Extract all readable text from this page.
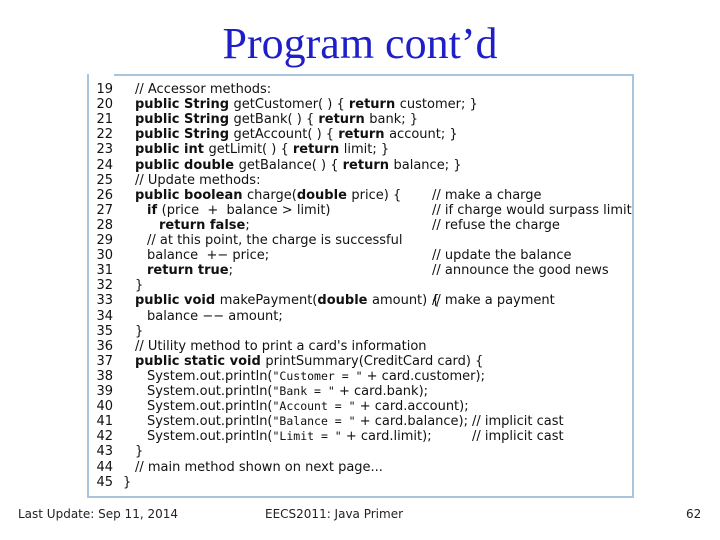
Program cont’d
19 // Accessor methods:
20 public String getCustomer( ) { return customer; }
21 public String getBank( ) { return bank; }
22 public String getAccount( ) { return account; }
23 public int getLimit( ) { return limit; }
24 public double getBalance( ) { return balance; }
25 // Update methods:
26 public boolean charge(double price) { // make a charge
27	if (price  +  balance > limit)	// if charge would surpass limit
28	return false;	// refuse the charge
29	// at this point, the charge is successful
30	balance  +− price;	// update the balance
31	return true;	// announce the good news
32 }
33 public void makePayment(double amount) {
// make a payment
34	balance −− amount;
35 }
36 // Utility method to print a card's information
37 public static void printSummary(CreditCard card) {
38	System.out.println("Customer = " + card.customer);
39	System.out.println("Bank = " + card.bank);
40	System.out.println("Account = " + card.account);
41	System.out.println("Balance = " + card.balance); // implicit cast
42	System.out.println("Limit = " + card.limit);	// implicit cast
43 }
44 // main method shown on next page...
45 }
Last Update: Sep 11, 2014	EECS2011: Java Primer	62
